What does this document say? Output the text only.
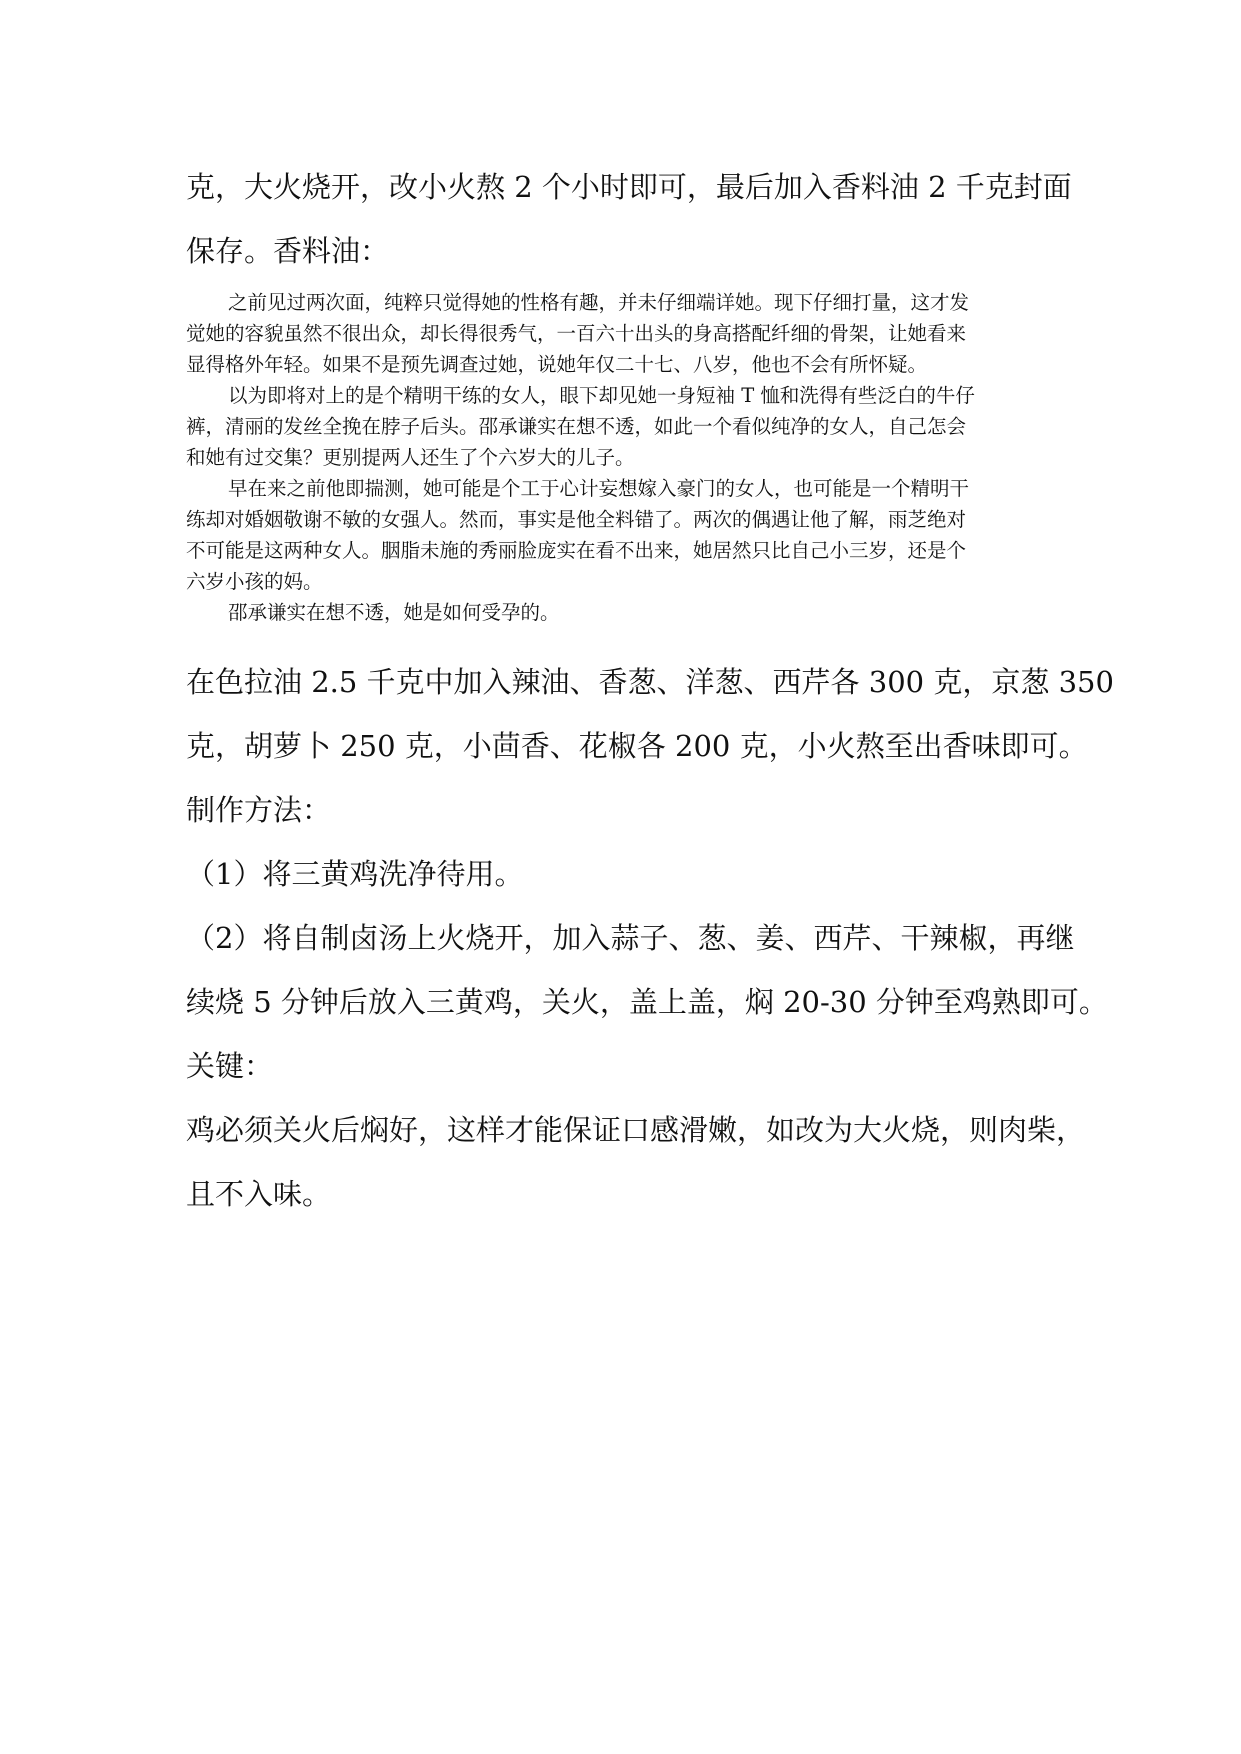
克，大火烧开，改小火熬 2 个小时即可，最后加入香料油 2 千克封面

保存。香料油：

之前见过两次面，纯粹只觉得她的性格有趣，并未仔细端详她。现下仔细打量，这才发

觉她的容貌虽然不很出众，却长得很秀气，一百六十出头的身高搭配纤细的骨架，让她看来

显得格外年轻。如果不是预先调查过她，说她年仅二十七、八岁，他也不会有所怀疑。

以为即将对上的是个精明干练的女人，眼下却见她一身短袖 T 恤和洗得有些泛白的牛仔

裤，清丽的发丝全挽在脖子后头。邵承谦实在想不透，如此一个看似纯净的女人，自己怎会

和她有过交集？更别提两人还生了个六岁大的儿子。

早在来之前他即揣测，她可能是个工于心计妄想嫁入豪门的女人，也可能是一个精明干

练却对婚姻敬谢不敏的女强人。然而，事实是他全料错了。两次的偶遇让他了解，雨芝绝对

不可能是这两种女人。胭脂未施的秀丽脸庞实在看不出来，她居然只比自己小三岁，还是个

六岁小孩的妈。

邵承谦实在想不透，她是如何受孕的。

在色拉油 2.5 千克中加入辣油、香葱、洋葱、西芹各 300 克，京葱 350

克，胡萝卜 250 克，小茴香、花椒各 200 克，小火熬至出香味即可。

制作方法：

（1）将三黄鸡洗净待用。

（2）将自制卤汤上火烧开，加入蒜子、葱、姜、西芹、干辣椒，再继

续烧 5 分钟后放入三黄鸡，关火，盖上盖，焖 20-30 分钟至鸡熟即可。

关键：

鸡必须关火后焖好，这样才能保证口感滑嫩，如改为大火烧，则肉柴，

且不入味。
